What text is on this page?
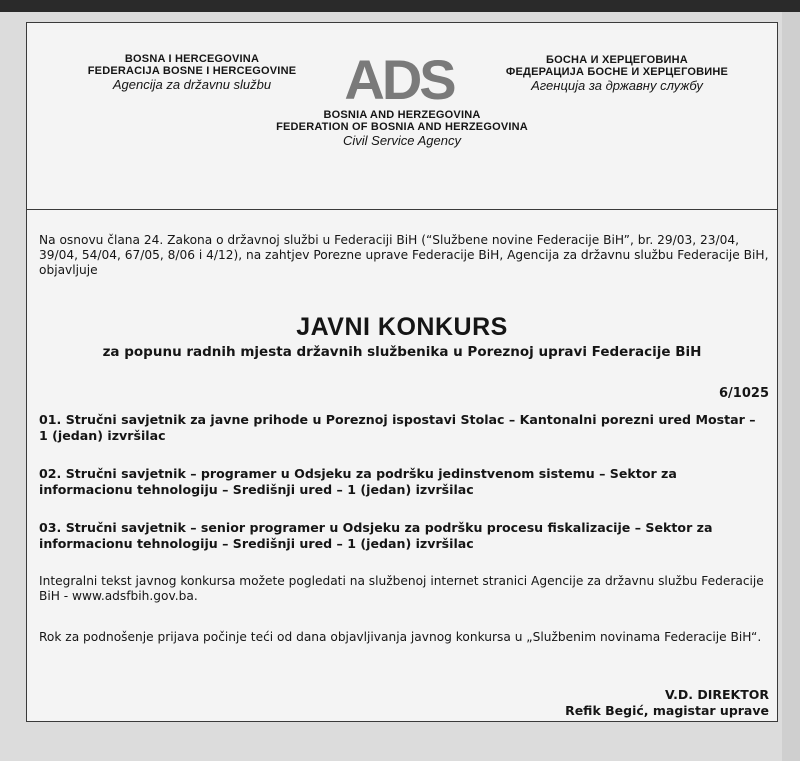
BOSNA I HERCEGOVINA
FEDERACIJA BOSNE I HERCEGOVINE
Agencija za državnu službu	ADS	БОСНА И ХЕРЦЕГОВИНА
ФЕДЕРАЦИЈА БОСНЕ И ХЕРЦЕГОВИНЕ
Агенција за државну службу
BOSNIA AND HERZEGOVINA
FEDERATION OF BOSNIA AND HERZEGOVINA
Civil Service Agency
Na osnovu člana 24. Zakona o državnoj službi u Federaciji BiH (“Službene novine Federacije BiH”, br. 29/03, 23/04, 39/04, 54/04, 67/05, 8/06 i 4/12), na zahtjev Porezne uprave Federacije BiH, Agencija za državnu službu Federacije BiH, objavljuje
JAVNI KONKURS
za popunu radnih mjesta državnih službenika u Poreznoj upravi Federacije BiH
6/1025
01. Stručni savjetnik za javne prihode u Poreznoj ispostavi Stolac – Kantonalni porezni ured Mostar – 1 (jedan) izvršilac
02. Stručni savjetnik – programer u Odsjeku za podršku jedinstvenom sistemu – Sektor za informacionu tehnologiju – Središnji ured – 1 (jedan) izvršilac
03. Stručni savjetnik – senior programer u Odsjeku za podršku procesu fiskalizacije – Sektor za informacionu tehnologiju – Središnji ured – 1 (jedan) izvršilac
Integralni tekst javnog konkursa možete pogledati na službenoj internet stranici Agencije za državnu službu Federacije BiH - www.adsfbih.gov.ba.
Rok za podnošenje prijava počinje teći od dana objavljivanja javnog konkursa u „Službenim novinama Federacije BiH“.
V.D. DIREKTOR
Refik Begić, magistar uprave
